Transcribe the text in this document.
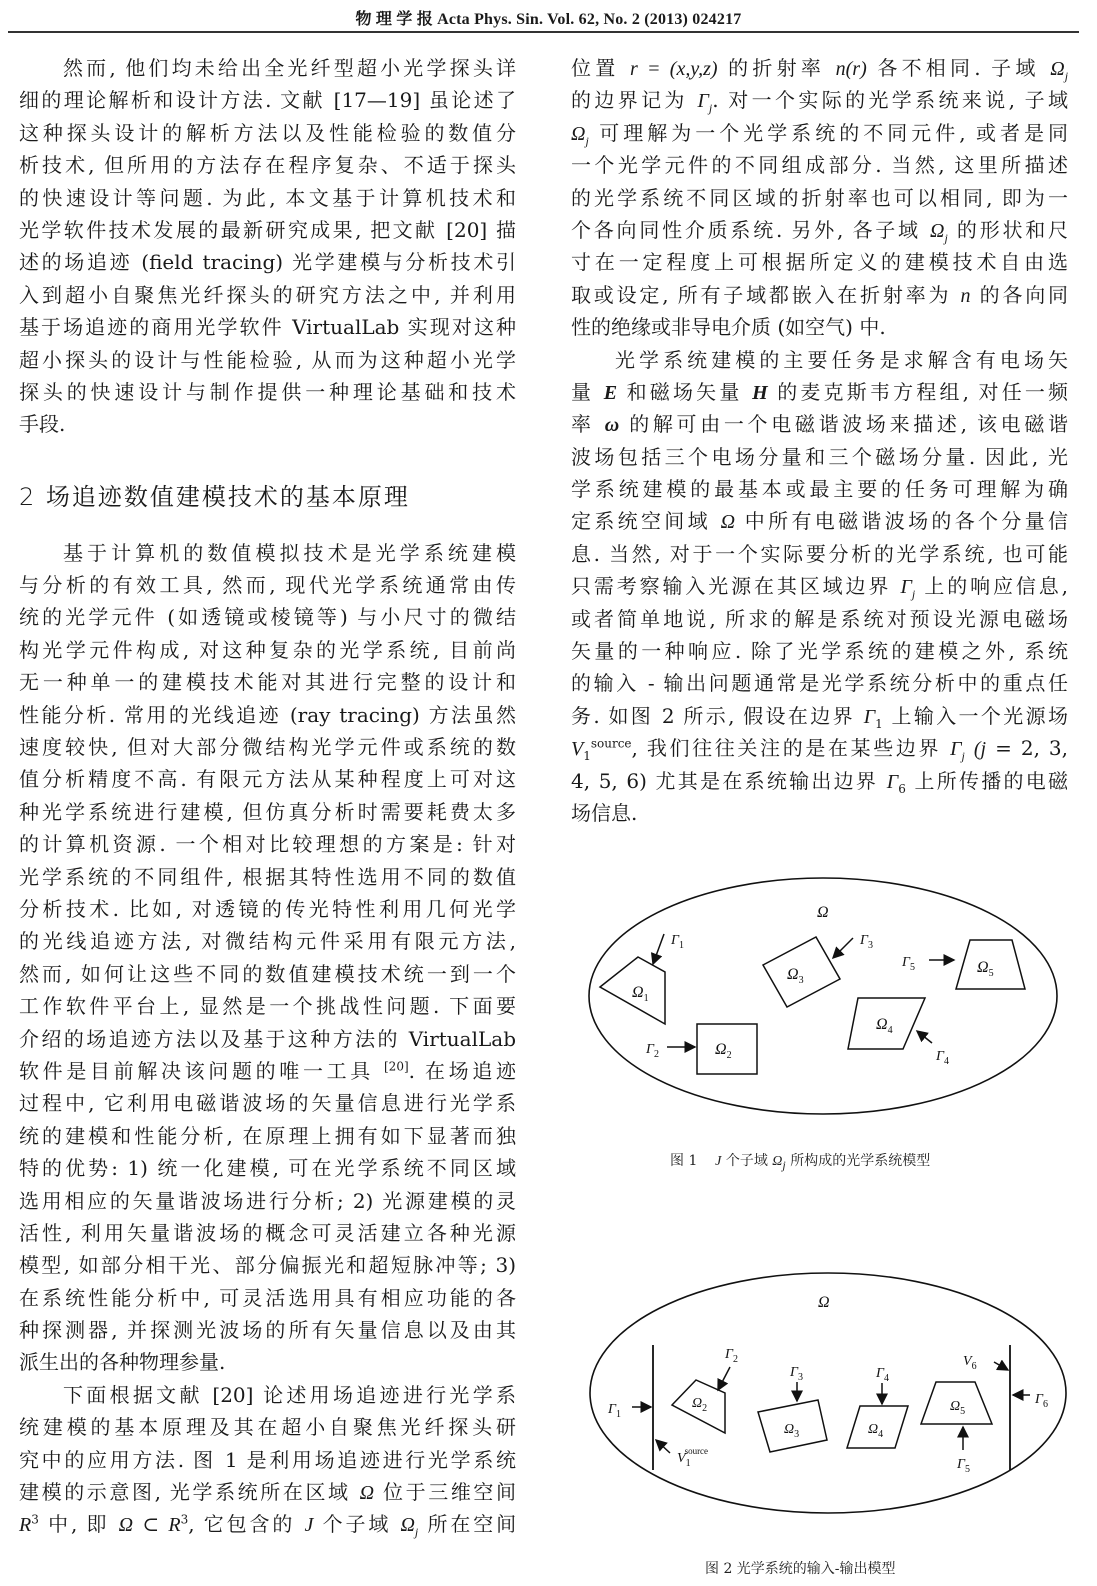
物 理 学 报 Acta Phys. Sin. Vol. 62, No. 2 (2013) 024217
然而, 他们均未给出全光纤型超小光学探头详
细的理论解析和设计方法. 文献 [17—19] 虽论述了
这种探头设计的解析方法以及性能检验的数值分
析技术, 但所用的方法存在程序复杂、不适于探头
的快速设计等问题. 为此, 本文基于计算机技术和
光学软件技术发展的最新研究成果, 把文献 [20] 描
述的场追迹 (field tracing) 光学建模与分析技术引
入到超小自聚焦光纤探头的研究方法之中, 并利用
基于场追迹的商用光学软件 VirtualLab 实现对这种
超小探头的设计与性能检验, 从而为这种超小光学
探头的快速设计与制作提供一种理论基础和技术
手段.
2 场追迹数值建模技术的基本原理
基于计算机的数值模拟技术是光学系统建模
与分析的有效工具, 然而, 现代光学系统通常由传
统的光学元件 (如透镜或棱镜等) 与小尺寸的微结
构光学元件构成, 对这种复杂的光学系统, 目前尚
无一种单一的建模技术能对其进行完整的设计和
性能分析. 常用的光线追迹 (ray tracing) 方法虽然
速度较快, 但对大部分微结构光学元件或系统的数
值分析精度不高. 有限元方法从某种程度上可对这
种光学系统进行建模, 但仿真分析时需要耗费太多
的计算机资源. 一个相对比较理想的方案是: 针对
光学系统的不同组件, 根据其特性选用不同的数值
分析技术. 比如, 对透镜的传光特性利用几何光学
的光线追迹方法, 对微结构元件采用有限元方法,
然而, 如何让这些不同的数值建模技术统一到一个
工作软件平台上, 显然是一个挑战性问题. 下面要
介绍的场追迹方法以及基于这种方法的 VirtualLab
软件是目前解决该问题的唯一工具 [20]. 在场追迹
过程中, 它利用电磁谐波场的矢量信息进行光学系
统的建模和性能分析, 在原理上拥有如下显著而独
特的优势: 1) 统一化建模, 可在光学系统不同区域
选用相应的矢量谐波场进行分析; 2) 光源建模的灵
活性, 利用矢量谐波场的概念可灵活建立各种光源
模型, 如部分相干光、部分偏振光和超短脉冲等; 3)
在系统性能分析中, 可灵活选用具有相应功能的各
种探测器, 并探测光波场的所有矢量信息以及由其
派生出的各种物理参量.
下面根据文献 [20] 论述用场追迹进行光学系
统建模的基本原理及其在超小自聚焦光纤探头研
究中的应用方法. 图 1 是利用场追迹进行光学系统
建模的示意图, 光学系统所在区域 Ω 位于三维空间
$R^3$ 中, 即 Ω ⊂ $R^3$, 它包含的 J 个子域 $\Omega_j$ 所在空间
位置 r = (x,y,z) 的折射率 n(r) 各不相同. 子域 $\Omega_j$
的边界记为 $\Gamma_j$. 对一个实际的光学系统来说, 子域
$\Omega_j$ 可理解为一个光学系统的不同元件, 或者是同
一个光学元件的不同组成部分. 当然, 这里所描述
的光学系统不同区域的折射率也可以相同, 即为一
个各向同性介质系统. 另外, 各子域 $\Omega_j$ 的形状和尺
寸在一定程度上可根据所定义的建模技术自由选
取或设定, 所有子域都嵌入在折射率为 n 的各向同
性的绝缘或非导电介质 (如空气) 中.
光学系统建模的主要任务是求解含有电场矢
量 E 和磁场矢量 H 的麦克斯韦方程组, 对任一频
率 ω 的解可由一个电磁谐波场来描述, 该电磁谐
波场包括三个电场分量和三个磁场分量. 因此, 光
学系统建模的最基本或最主要的任务可理解为确
定系统空间域 Ω 中所有电磁谐波场的各个分量信
息. 当然, 对于一个实际要分析的光学系统, 也可能
只需考察输入光源在其区域边界 $\Gamma_j$ 上的响应信息,
或者简单地说, 所求的解是系统对预设光源电磁场
矢量的一种响应. 除了光学系统的建模之外, 系统
的输入 - 输出问题通常是光学系统分析中的重点任
务. 如图 2 所示, 假设在边界 $\Gamma_1$ 上输入一个光源场
$V_1^{source}$, 我们往往关注的是在某些边界 $\Gamma_j$ (j = 2, 3,
4, 5, 6) 尤其是在系统输出边界 $\Gamma_6$ 上所传播的电磁
场信息.
Ω
$\Omega_1$
$\Gamma_1$
$\Omega_2$
$\Gamma_2$
$\Omega_3$
$\Gamma_3$
$\Omega_4$
$\Gamma_4$
$\Omega_5$
$\Gamma_5$
图 1 J 个子域 $\Omega_j$ 所构成的光学系统模型
Ω
$\Gamma_1$
$V_1source$
$\Omega_2$
$\Gamma_2$
$\Omega_3$
$\Gamma_3$
$\Omega_4$
$\Gamma_4$
$\Omega_5$
$\Gamma_5$
$\Gamma_6$
$V_6$
图 2 光学系统的输入-输出模型
